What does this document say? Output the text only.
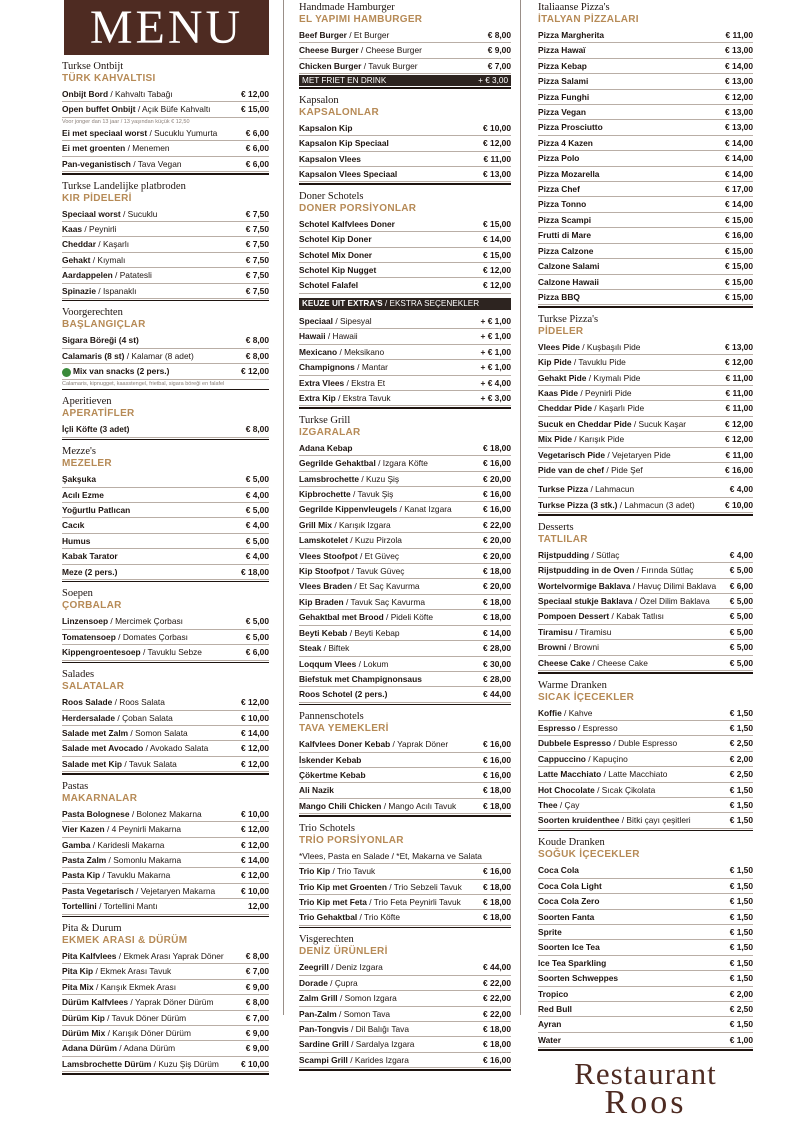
MENU
Turkse Ontbijt
TÜRK KAHVALTISI
Onbijt Bord / Kahvaltı Tabağı	€ 12,00
Open buffet Onbijt / Açık Büfe Kahvaltı	€ 15,00
Voor jonger dan 13 jaar / 13 yaşından küçük € 12,50
Ei met speciaal worst / Sucuklu Yumurta	€ 6,00
Ei met groenten / Menemen	€ 6,00
Pan-veganistisch / Tava Vegan	€ 6,00
Turkse Landelijke platbroden
KIR PİDELERİ
Speciaal worst / Sucuklu	€ 7,50
Kaas / Peynirli	€ 7,50
Cheddar / Kaşarlı	€ 7,50
Gehakt / Kıymalı	€ 7,50
Aardappelen / Patatesli	€ 7,50
Spinazie / Ispanaklı	€ 7,50
Voorgerechten
BAŞLANGIÇLAR
Sigara Böreği (4 st)	€ 8,00
Calamaris (8 st) / Kalamar (8 adet)	€ 8,00
Mix van snacks (2 pers.)	€ 12,00
Calamaris, kipnugget, kaasstengel, frietbal, sigara böreği en falafel
Aperitieven
APERATİFLER
İçli Köfte (3 adet)	€ 8,00
Mezze's
MEZELER
Şakşuka	€ 5,00
Acılı Ezme	€ 4,00
Yoğurtlu Patlıcan	€ 5,00
Cacık	€ 4,00
Humus	€ 5,00
Kabak Tarator	€ 4,00
Meze (2 pers.)	€ 18,00
Soepen
ÇORBALAR
Linzensoep / Mercimek Çorbası	€ 5,00
Tomatensoep / Domates Çorbası	€ 5,00
Kippengroentesoep / Tavuklu Sebze	€ 6,00
Salades
SALATALAR
Roos Salade / Roos Salata	€ 12,00
Herdersalade / Çoban Salata	€ 10,00
Salade met Zalm / Somon Salata	€ 14,00
Salade met Avocado / Avokado Salata	€ 12,00
Salade met Kip / Tavuk Salata	€ 12,00
Pastas
MAKARNALAR
Pasta Bolognese / Bolonez Makarna	€ 10,00
Vier Kazen / 4 Peynirli Makarna	€ 12,00
Gamba / Karidesli Makarna	€ 12,00
Pasta Zalm / Somonlu Makarna	€ 14,00
Pasta Kip / Tavuklu Makarna	€ 12,00
Pasta Vegetarisch / Vejetaryen Makarna	€ 10,00
Tortellini / Tortellini Mantı	12,00
Pita & Durum
EKMEK ARASI & DÜRÜM
Pita Kalfvlees / Ekmek Arası Yaprak Döner	€ 8,00
Pita Kip / Ekmek Arası Tavuk	€ 7,00
Pita Mix / Karışık Ekmek Arası	€ 9,00
Dürüm Kalfvlees / Yaprak Döner Dürüm	€ 8,00
Dürüm Kip / Tavuk Döner Dürüm	€ 7,00
Dürüm Mix / Karışık Döner Dürüm	€ 9,00
Adana Dürüm / Adana Dürüm	€ 9,00
Lamsbrochette Dürüm / Kuzu Şiş Dürüm	€ 10,00
Handmade Hamburger
EL YAPIMI HAMBURGER
Beef Burger / Et Burger	€ 8,00
Cheese Burger / Cheese Burger	€ 9,00
Chicken Burger / Tavuk Burger	€ 7,00
MET FRIET EN DRINK	+ € 3,00
Kapsalon
KAPSALONLAR
Kapsalon Kip	€ 10,00
Kapsalon Kip Speciaal	€ 12,00
Kapsalon Vlees	€ 11,00
Kapsalon Vlees Speciaal	€ 13,00
Doner Schotels
DONER PORSİYONLAR
Schotel Kalfvlees Doner	€ 15,00
Schotel Kip Doner	€ 14,00
Schotel Mix Doner	€ 15,00
Schotel Kip Nugget	€ 12,00
Schotel Falafel	€ 12,00
KEUZE UIT EXTRA'S / EKSTRA SEÇENEKLER
Speciaal / Sipesyal	+ € 1,00
Hawaii / Hawaii	+ € 1,00
Mexicano / Meksikano	+ € 1,00
Champignons / Mantar	+ € 1,00
Extra Vlees / Ekstra Et	+ € 4,00
Extra Kip / Ekstra Tavuk	+ € 3,00
Turkse Grill
IZGARALAR
Adana Kebap	€ 18,00
Gegrilde Gehaktbal / Izgara Köfte	€ 16,00
Lamsbrochette / Kuzu Şiş	€ 20,00
Kipbrochette / Tavuk Şiş	€ 16,00
Gegrilde Kippenvleugels / Kanat Izgara	€ 16,00
Grill Mix / Karışık Izgara	€ 22,00
Lamskotelet / Kuzu Pirzola	€ 20,00
Vlees Stoofpot / Et Güveç	€ 20,00
Kip Stoofpot / Tavuk Güveç	€ 18,00
Vlees Braden / Et Saç Kavurma	€ 20,00
Kip Braden / Tavuk Saç Kavurma	€ 18,00
Gehaktbal met Brood / Pideli Köfte	€ 18,00
Beyti Kebab / Beyti Kebap	€ 14,00
Steak / Biftek	€ 28,00
Loqqum Vlees / Lokum	€ 30,00
Biefstuk met Champignonsaus	€ 28,00
Roos Schotel (2 pers.)	€ 44,00
Pannenschotels
TAVA YEMEKLERİ
Kalfvlees Doner Kebab / Yaprak Döner	€ 16,00
İskender Kebab	€ 16,00
Çökertme Kebab	€ 16,00
Ali Nazik	€ 18,00
Mango Chili Chicken / Mango Acılı Tavuk	€ 18,00
Trio Schotels
TRİO PORSİYONLAR
*Vlees, Pasta en Salade / *Et, Makarna ve Salata
Trio Kip / Trio Tavuk	€ 16,00
Trio Kip met Groenten / Trio Sebzeli Tavuk	€ 18,00
Trio Kip met Feta / Trio Feta Peynirli Tavuk	€ 18,00
Trio Gehaktbal / Trio Köfte	€ 18,00
Visgerechten
DENİZ ÜRÜNLERİ
Zeegrill / Deniz Izgara	€ 44,00
Dorade / Çupra	€ 22,00
Zalm Grill / Somon Izgara	€ 22,00
Pan-Zalm / Somon Tava	€ 22,00
Pan-Tongvis / Dil Balığı Tava	€ 18,00
Sardine Grill / Sardalya Izgara	€ 18,00
Scampi Grill / Karides Izgara	€ 16,00
Italiaanse Pizza's
İTALYAN PİZZALARI
Pizza Margherita	€ 11,00
Pizza Hawaï	€ 13,00
Pizza Kebap	€ 14,00
Pizza Salami	€ 13,00
Pizza Funghi	€ 12,00
Pizza Vegan	€ 13,00
Pizza Prosciutto	€ 13,00
Pizza 4 Kazen	€ 14,00
Pizza Polo	€ 14,00
Pizza Mozarella	€ 14,00
Pizza Chef	€ 17,00
Pizza Tonno	€ 14,00
Pizza Scampi	€ 15,00
Frutti di Mare	€ 16,00
Pizza Calzone	€ 15,00
Calzone Salami	€ 15,00
Calzone Hawaii	€ 15,00
Pizza BBQ	€ 15,00
Turkse Pizza's
PİDELER
Vlees Pide / Kuşbaşılı Pide	€ 13,00
Kip Pide / Tavuklu Pide	€ 12,00
Gehakt Pide / Kıymalı Pide	€ 11,00
Kaas Pide / Peynirli Pide	€ 11,00
Cheddar Pide / Kaşarlı Pide	€ 11,00
Sucuk en Cheddar Pide / Sucuk Kaşar	€ 12,00
Mix Pide / Karışık Pide	€ 12,00
Vegetarisch Pide / Vejetaryen Pide	€ 11,00
Pide van de chef / Pide Şef	€ 16,00
Turkse Pizza / Lahmacun	€ 4,00
Turkse Pizza (3 stk.) / Lahmacun (3 adet)	€ 10,00
Desserts
TATLILAR
Rijstpudding / Sütlaç	€ 4,00
Rijstpudding in de Oven / Fırında Sütlaç	€ 5,00
Wortelvormige Baklava / Havuç Dilimi Baklava	€ 6,00
Speciaal stukje Baklava / Özel Dilim Baklava	€ 5,00
Pompoen Dessert / Kabak Tatlısı	€ 5,00
Tiramisu / Tiramisu	€ 5,00
Browni / Browni	€ 5,00
Cheese Cake / Cheese Cake	€ 5,00
Warme Dranken
SICAK İÇECEKLER
Koffie / Kahve	€ 1,50
Espresso / Espresso	€ 1,50
Dubbele Espresso / Duble Espresso	€ 2,50
Cappuccino / Kapuçino	€ 2,00
Latte Macchiato / Latte Macchiato	€ 2,50
Hot Chocolate / Sıcak Çikolata	€ 1,50
Thee / Çay	€ 1,50
Soorten kruidenthee / Bitki çayı çeşitleri	€ 1,50
Koude Dranken
SOĞUK İÇECEKLER
Coca Cola	€ 1,50
Coca Cola Light	€ 1,50
Coca Cola Zero	€ 1,50
Soorten Fanta	€ 1,50
Sprite	€ 1,50
Soorten Ice Tea	€ 1,50
Ice Tea Sparkling	€ 1,50
Soorten Schweppes	€ 1,50
Tropico	€ 2,00
Red Bull	€ 2,50
Ayran	€ 1,50
Water	€ 1,00
Restaurant
Roos
